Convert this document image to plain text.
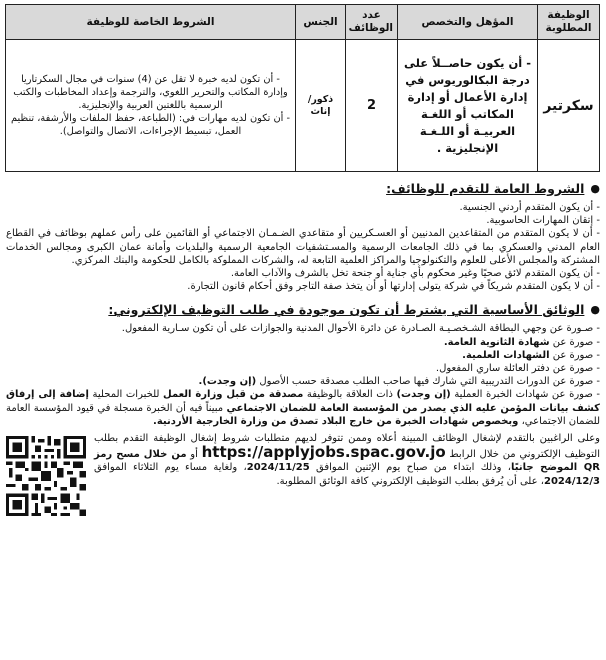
الوظيفة المطلوبة	المؤهل والتخصص	عدد الوظائف	الجنس	الشروط الخاصة للوظيفة
سكرتير	- أن يكون حاصــلاً على درجة البكالوريوس في إدارة الأعمال أو إدارة المكاتب أو اللغـة العربيـة أو اللـغـة الإنجليزية .	2	ذكور/ إناث	- أن تكون لديه خبرة لا تقل عن (4) سنوات في مجال السكرتاريا وإدارة المكاتب والتحرير اللغوي، والترجمة وإعداد المخاطبات والكتب الرسمية باللغتين العربية والإنجليزية.
- أن تكون لديه مهارات في: (الطباعة، حفظ الملفات والأرشفة، تنظيم العمل، تبسيط الإجراءات، الاتصال والتواصل).
●
الشروط العامة للتقدم للوظائف:
- أن يكون المتقدم أردني الجنسية.
- إتقان المهارات الحاسوبية.
- أن لا يكون المتقدم من المتقاعدين المدنيين أو العسـكريين أو متقاعدي الضـمـان الاجتماعي أو القائمين على رأس عملهم بوظائف في القطاع العام المدني والعسكري بما في ذلك الجامعات الرسمية والمسـتشفيات الجامعية الرسمية والبلديات وأمانة عمان الكبرى ومجالس الخدمات المشتركة والمجلس الأعلى للعلوم والتكنولوجيا والمراكز العلمية التابعة له، والشركات المملوكة بالكامل للحكومة والبنك المركزي.
- أن يكون المتقدم لائق صحيًا وغير محكوم بأي جناية أو جنحة تخل بالشرف والآداب العامة.
- أن لا يكون المتقدم شريكاً في شركة يتولى إدارتها أو أن يتخذ صفة التاجر وفق أحكام قانون التجارة.
●
الوثائق الأساسية التي يشترط أن تكون موجودة في طلب التوظيف الإلكتروني:
- صـورة عن وجهي البطاقة الشـخصـيـة الصـادرة عن دائرة الأحوال المدنية والجوازات على أن تكون سـارية المفعول.
- صورة عن شهادة الثانوية العامة.
- صورة عن الشهادات العلمية.
- صورة عن دفتر العائلة ساري المفعول.
- صورة عن الدورات التدريبية التي شارك فيها صاحب الطلب مصدقة حسب الأصول (إن وجدت).
- صورة عن شهادات الخبرة العملية (إن وجدت) ذات العلاقة بالوظيفة مصدقة من قبل وزارة العمل للخبرات المحلية إضافة إلى إرفاق كشف بيانات المؤمن عليه الذي يصدر من المؤسسة العامة للضمان الاجتماعي مبيناً فيه أن الخبرة مسجلة في قيود المؤسسة العامة للضمان الاجتماعي، وبخصوص شهادات الخبرة من خارج البلاد تصدق من وزارة الخارجية الأردنية.
وعلى الراغبين بالتقدم لإشغال الوظائف المبينة أعلاه وممن تتوفر لديهم متطلبات شروط إشغال الوظيفة التقدم بطلب التوظيف الإلكتروني من خلال الرابط https://applyjobs.spac.gov.jo أو من خلال مسح رمز QR الموضح جانبًا، وذلك ابتداء من صباح يوم الإثنين الموافق 2024/11/25، ولغاية مساء يوم الثلاثاء الموافق 2024/12/3، على أن يُرفق بطلب التوظيف الإلكتروني كافة الوثائق المطلوبة.
